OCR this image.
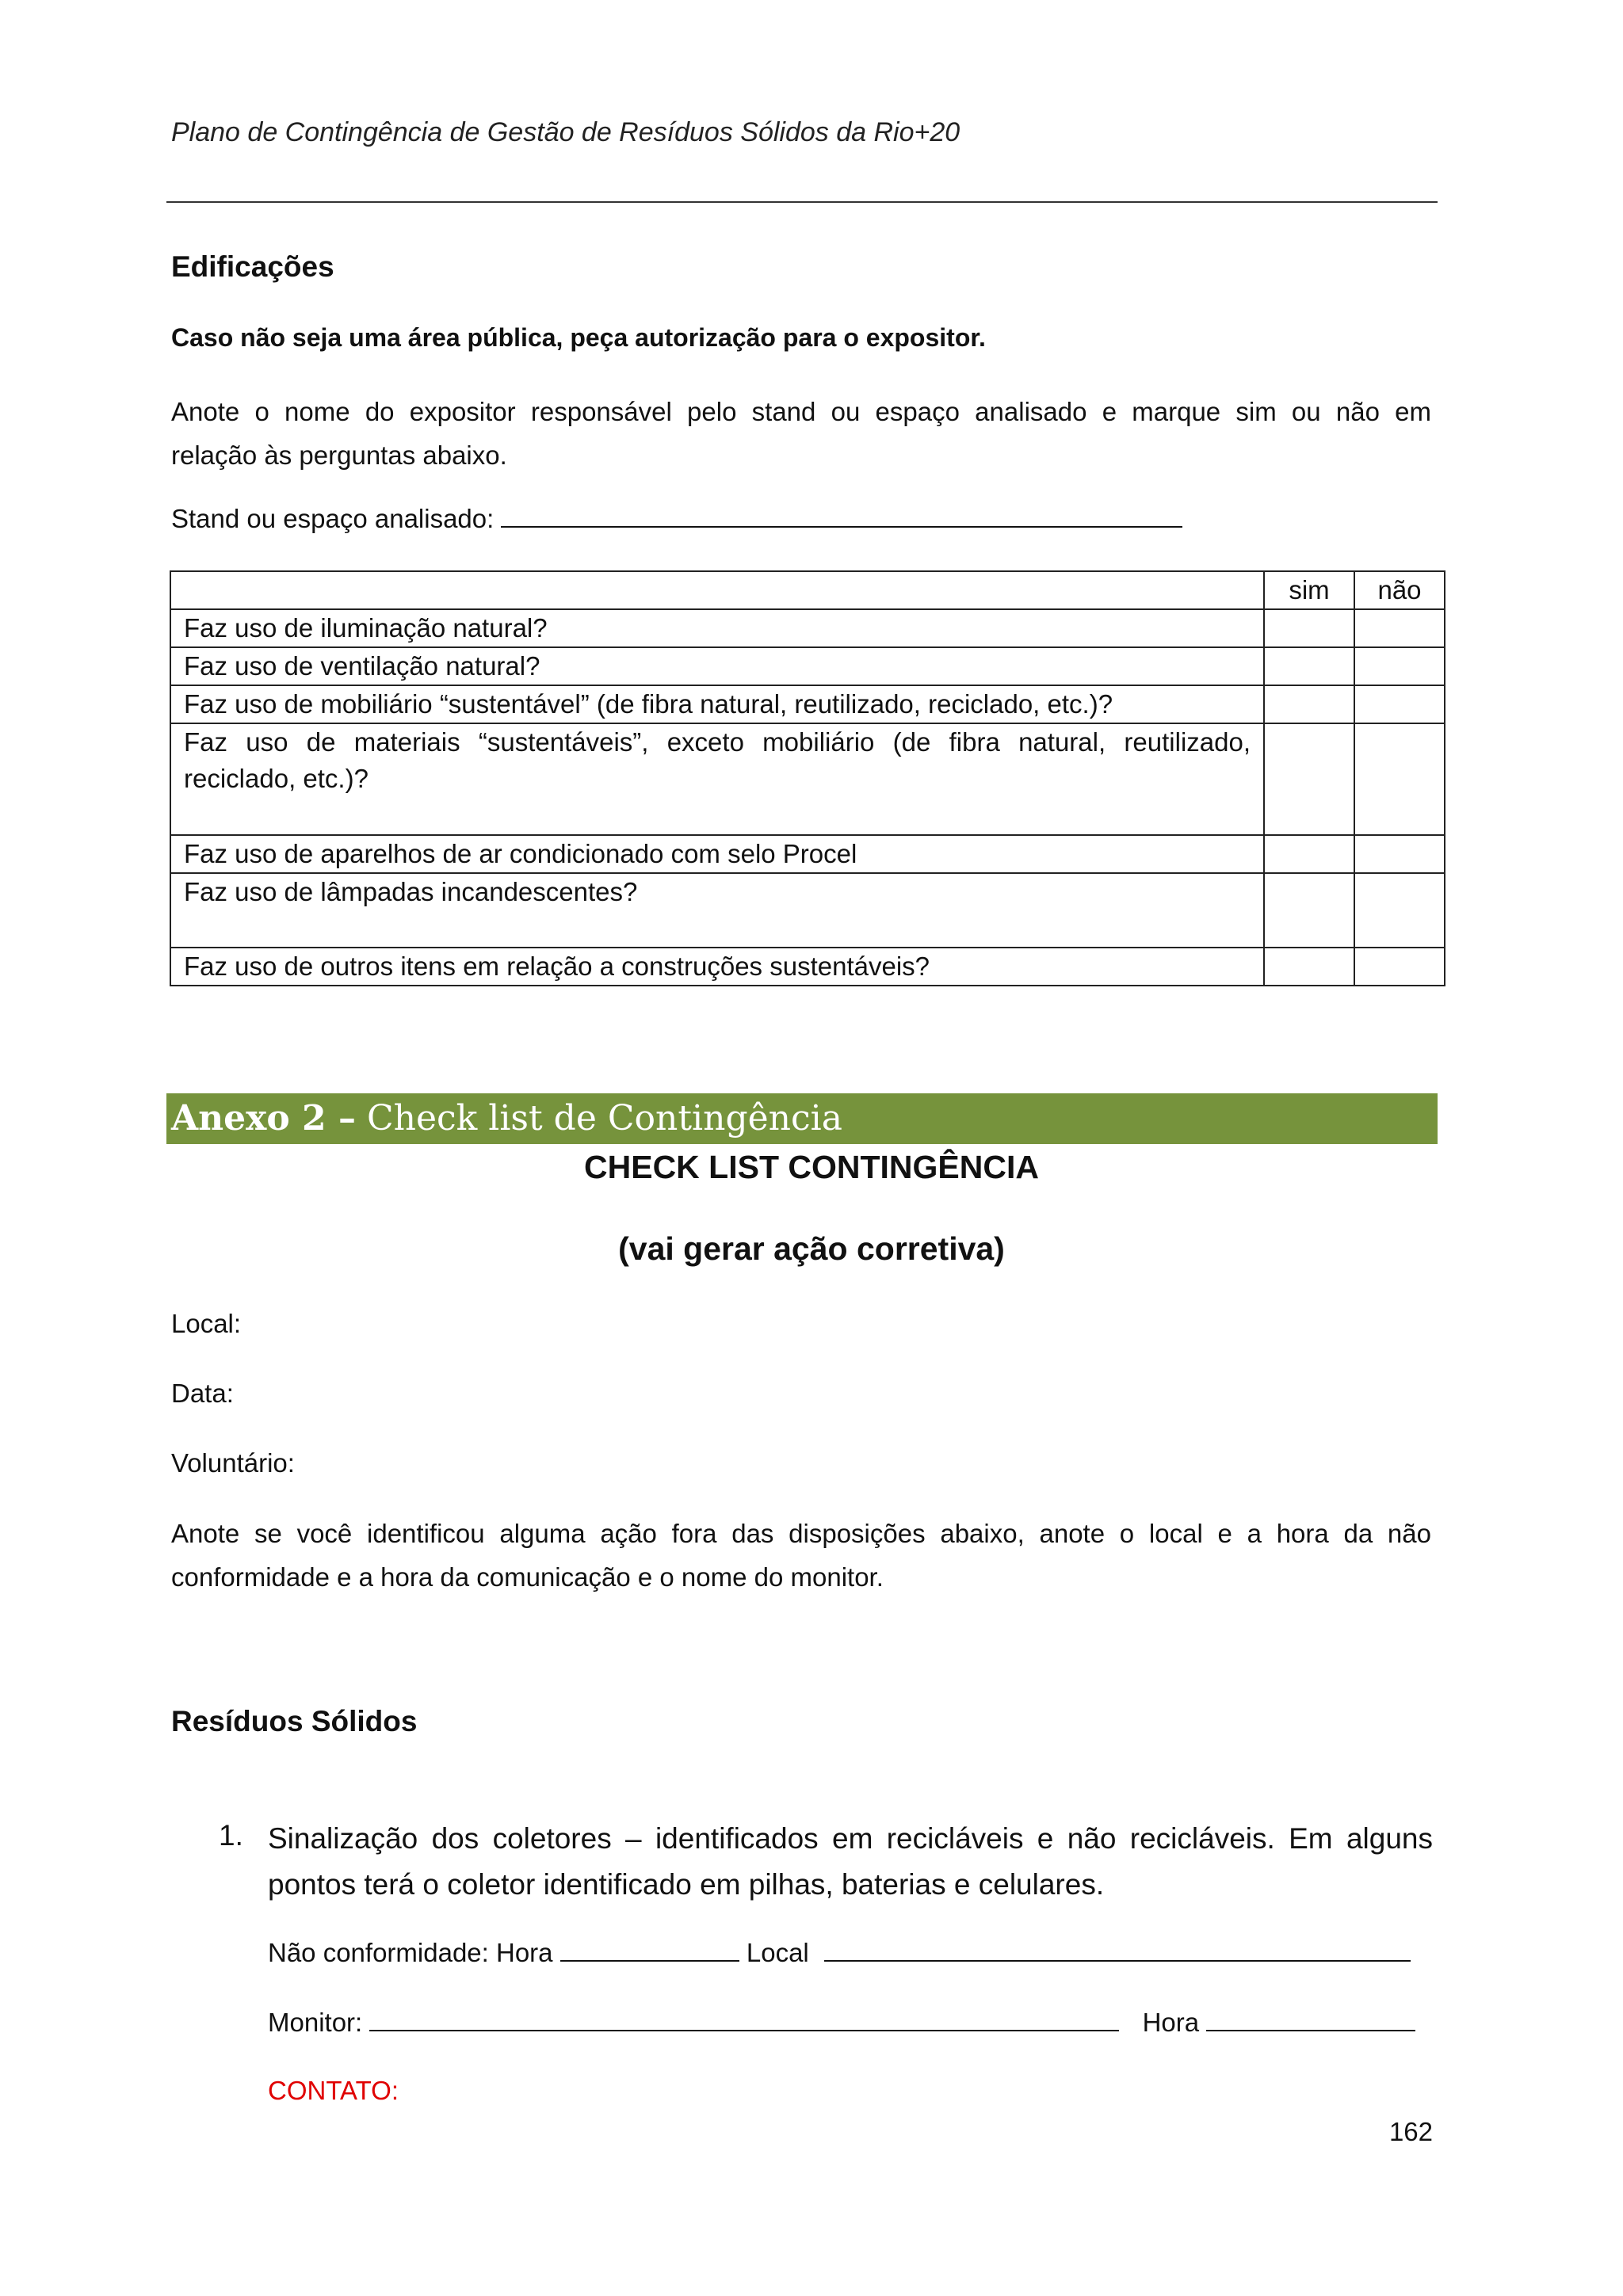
Plano de Contingência de Gestão de Resíduos Sólidos da Rio+20
Edificações
Caso não seja uma área pública, peça autorização para o expositor.
Anote o nome do expositor responsável pelo stand ou espaço analisado e marque sim ou não em
relação às perguntas abaixo.
Stand ou espaço analisado:
	sim	não
Faz uso de iluminação natural?		
Faz uso de ventilação natural?		
Faz uso de mobiliário “sustentável” (de fibra natural, reutilizado, reciclado, etc.)?		

Faz uso de materiais “sustentáveis”, exceto mobiliário (de fibra natural, reutilizado,
reciclado, etc.)?		

Faz uso de aparelhos de ar condicionado com selo Procel		
Faz uso de lâmpadas incandescentes?		
Faz uso de outros itens em relação a construções sustentáveis?		
Anexo 2 – Check list de Contingência
CHECK LIST CONTINGÊNCIA
(vai gerar ação corretiva)
Local:
Data:
Voluntário:
Anote se você identificou alguma ação fora das disposições abaixo, anote o local e a hora da não
conformidade e a hora da comunicação e o nome do monitor.
Resíduos Sólidos
1. Sinalização dos coletores – identificados em recicláveis e não recicláveis. Em alguns
pontos terá o coletor identificado em pilhas, baterias e celulares.
Não conformidade: Hora	Local
Monitor:	Hora
CONTATO:
162
